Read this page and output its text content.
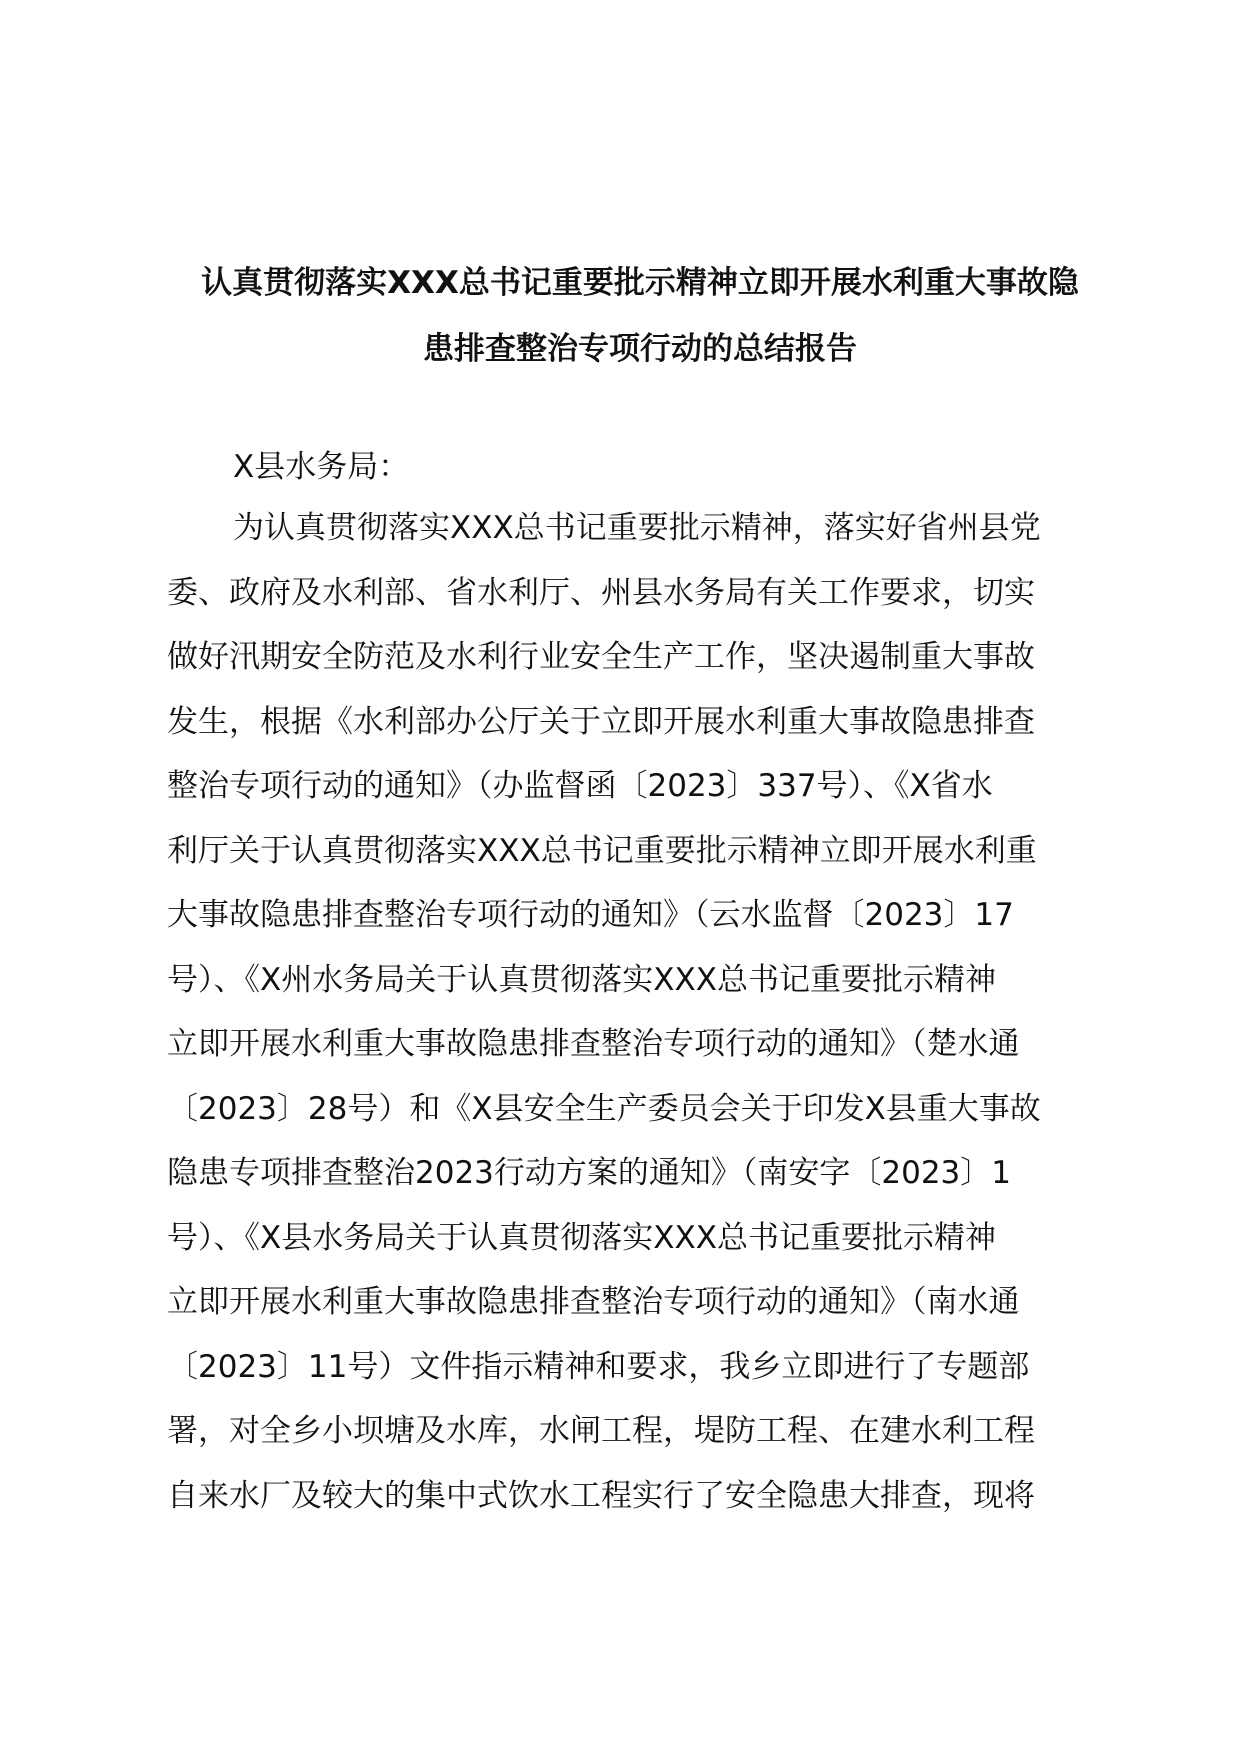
认真贯彻落实XXX总书记重要批示精神立即开展水利重大事故隐
患排查整治专项行动的总结报告
X县水务局：
为认真贯彻落实XXX总书记重要批示精神，落实好省州县党
委、政府及水利部、省水利厅、州县水务局有关工作要求，切实
做好汛期安全防范及水利行业安全生产工作，坚决遏制重大事故
发生，根据《水利部办公厅关于立即开展水利重大事故隐患排查
整治专项行动的通知》（办监督函〔2023〕337号）、《X省水
利厅关于认真贯彻落实XXX总书记重要批示精神立即开展水利重
大事故隐患排查整治专项行动的通知》（云水监督〔2023〕17
号）、《X州水务局关于认真贯彻落实XXX总书记重要批示精神
立即开展水利重大事故隐患排查整治专项行动的通知》（楚水通
〔2023〕28号）和《X县安全生产委员会关于印发X县重大事故
隐患专项排查整治2023行动方案的通知》（南安字〔2023〕1
号）、《X县水务局关于认真贯彻落实XXX总书记重要批示精神
立即开展水利重大事故隐患排查整治专项行动的通知》（南水通
〔2023〕11号）文件指示精神和要求，我乡立即进行了专题部
署，对全乡小坝塘及水库，水闸工程，堤防工程、在建水利工程
自来水厂及较大的集中式饮水工程实行了安全隐患大排查，现将
